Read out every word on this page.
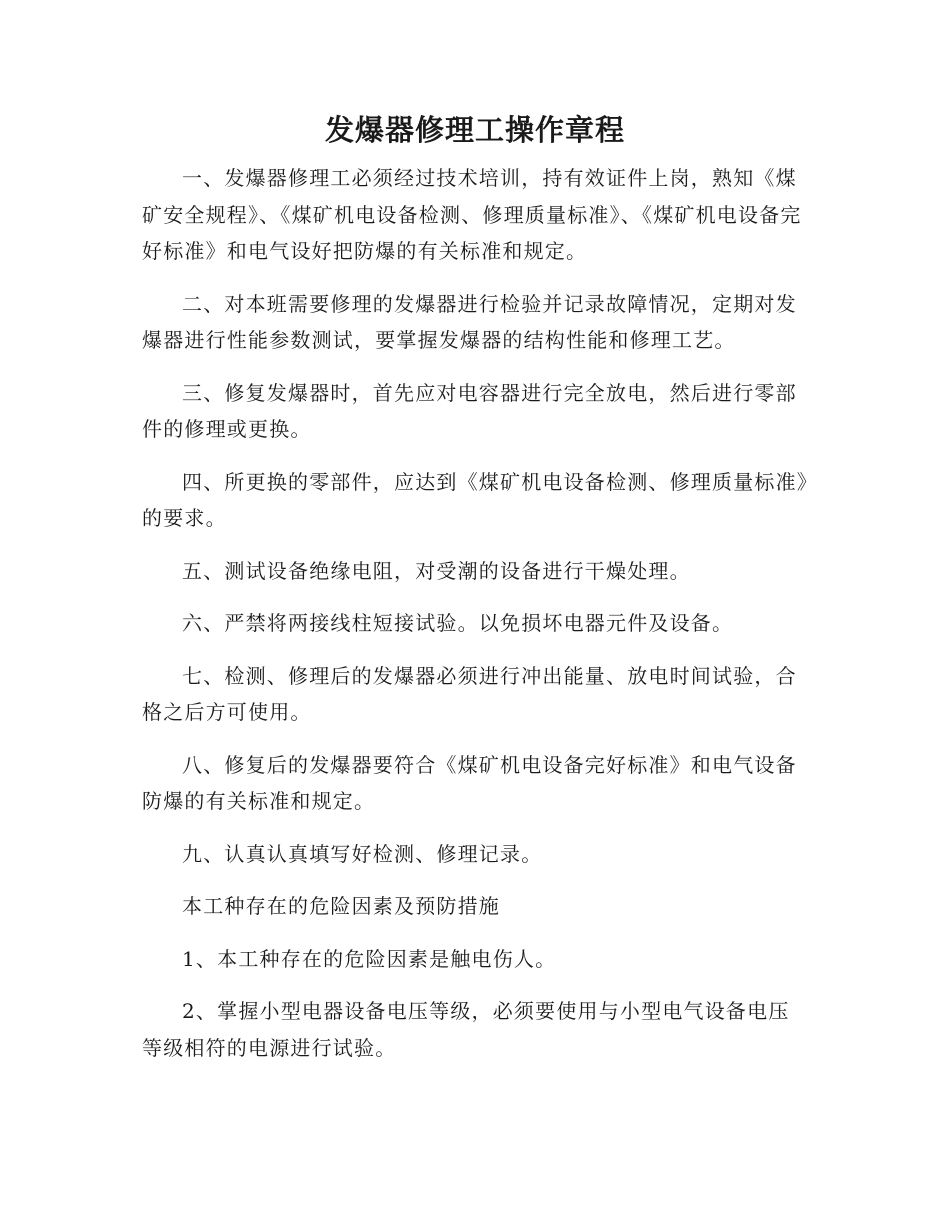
发爆器修理工操作章程

一、发爆器修理工必须经过技术培训，持有效证件上岗，熟知《煤矿安全规程》、《煤矿机电设备检测、修理质量标准》、《煤矿机电设备完好标准》和电气设好把防爆的有关标准和规定。

二、对本班需要修理的发爆器进行检验并记录故障情况，定期对发爆器进行性能参数测试，要掌握发爆器的结构性能和修理工艺。

三、修复发爆器时，首先应对电容器进行完全放电，然后进行零部件的修理或更换。

四、所更换的零部件，应达到《煤矿机电设备检测、修理质量标准》的要求。

五、测试设备绝缘电阻，对受潮的设备进行干燥处理。

六、严禁将两接线柱短接试验。以免损坏电器元件及设备。

七、检测、修理后的发爆器必须进行冲出能量、放电时间试验，合格之后方可使用。

八、修复后的发爆器要符合《煤矿机电设备完好标准》和电气设备防爆的有关标准和规定。

九、认真认真填写好检测、修理记录。

本工种存在的危险因素及预防措施

1、本工种存在的危险因素是触电伤人。

2、掌握小型电器设备电压等级，必须要使用与小型电气设备电压等级相符的电源进行试验。
